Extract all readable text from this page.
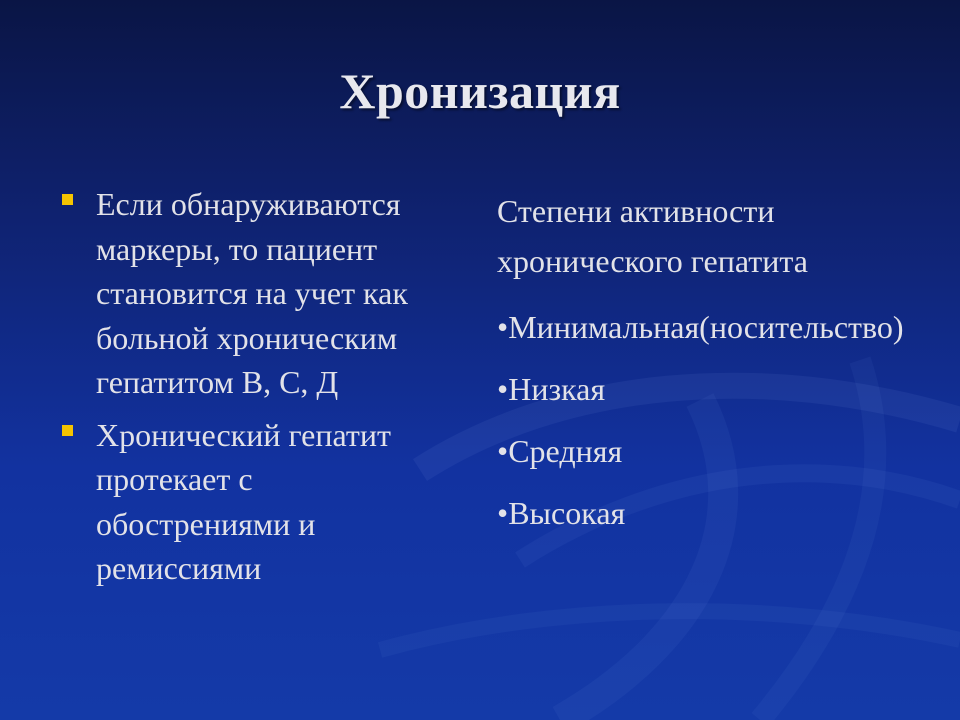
Хронизация
Если обнаруживаются маркеры, то пациент становится на учет как больной хроническим гепатитом В, С, Д
Хронический гепатит протекает с обострениями и ремиссиями

Степени активности хронического гепатита

•Минимальная(носительство)
•Низкая
•Средняя
•Высокая
